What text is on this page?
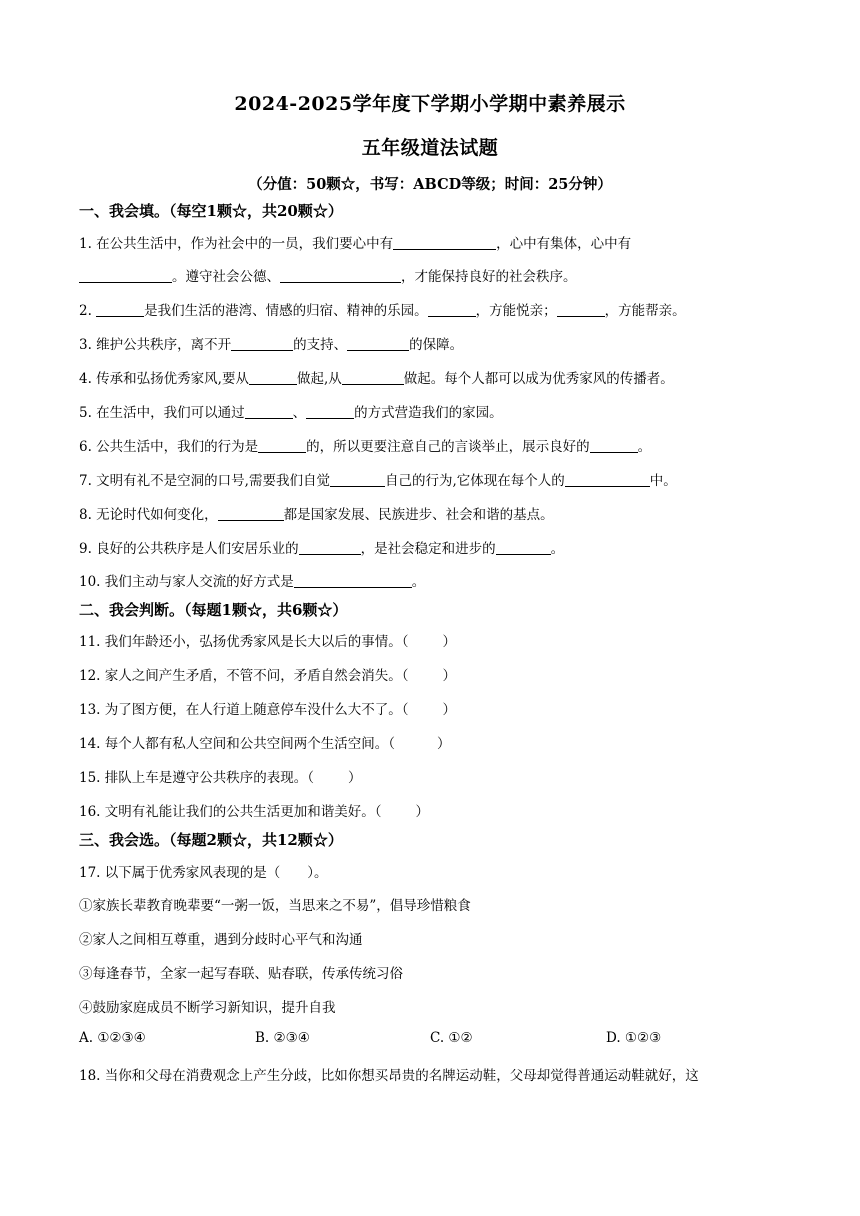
2024-2025学年度下学期小学期中素养展示
五年级道法试题
（分值：50颗☆，书写：ABCD等级；时间：25分钟）
一、我会填。（每空1颗☆，共20颗☆）
1. 在公共生活中，作为社会中的一员，我们要心中有	，心中有集体，心中有
。遵守社会公德、	，才能保持良好的社会秩序。
2.	是我们生活的港湾、情感的归宿、精神的乐园。	，方能悦亲；	，方能帮亲。
3. 维护公共秩序，离不开	的支持、	的保障。
4. 传承和弘扬优秀家风,要从	做起,从	做起。每个人都可以成为优秀家风的传播者。
5. 在生活中，我们可以通过	、	的方式营造我们的家园。
6. 公共生活中，我们的行为是	的，所以更要注意自己的言谈举止，展示良好的	。
7. 文明有礼不是空洞的口号,需要我们自觉	自己的行为,它体现在每个人的	中。
8. 无论时代如何变化，	都是国家发展、民族进步、社会和谐的基点。
9. 良好的公共秩序是人们安居乐业的	，是社会稳定和进步的	。
10. 我们主动与家人交流的好方式是	。
二、我会判断。（每题1颗☆，共6颗☆）
11. 我们年龄还小，弘扬优秀家风是长大以后的事情。（	）
12. 家人之间产生矛盾，不管不问，矛盾自然会消失。（	）
13. 为了图方便，在人行道上随意停车没什么大不了。（	）
14. 每个人都有私人空间和公共空间两个生活空间。（	）
15. 排队上车是遵守公共秩序的表现。（	）
16. 文明有礼能让我们的公共生活更加和谐美好。（	）
三、我会选。（每题2颗☆，共12颗☆）
17. 以下属于优秀家风表现的是（　　）。
①家族长辈教育晚辈要“一粥一饭，当思来之不易”，倡导珍惜粮食
②家人之间相互尊重，遇到分歧时心平气和沟通
③每逢春节，全家一起写春联、贴春联，传承传统习俗
④鼓励家庭成员不断学习新知识，提升自我
A. ①②③④	B. ②③④	C. ①②	D. ①②③
18. 当你和父母在消费观念上产生分歧，比如你想买昂贵的名牌运动鞋，父母却觉得普通运动鞋就好，这
